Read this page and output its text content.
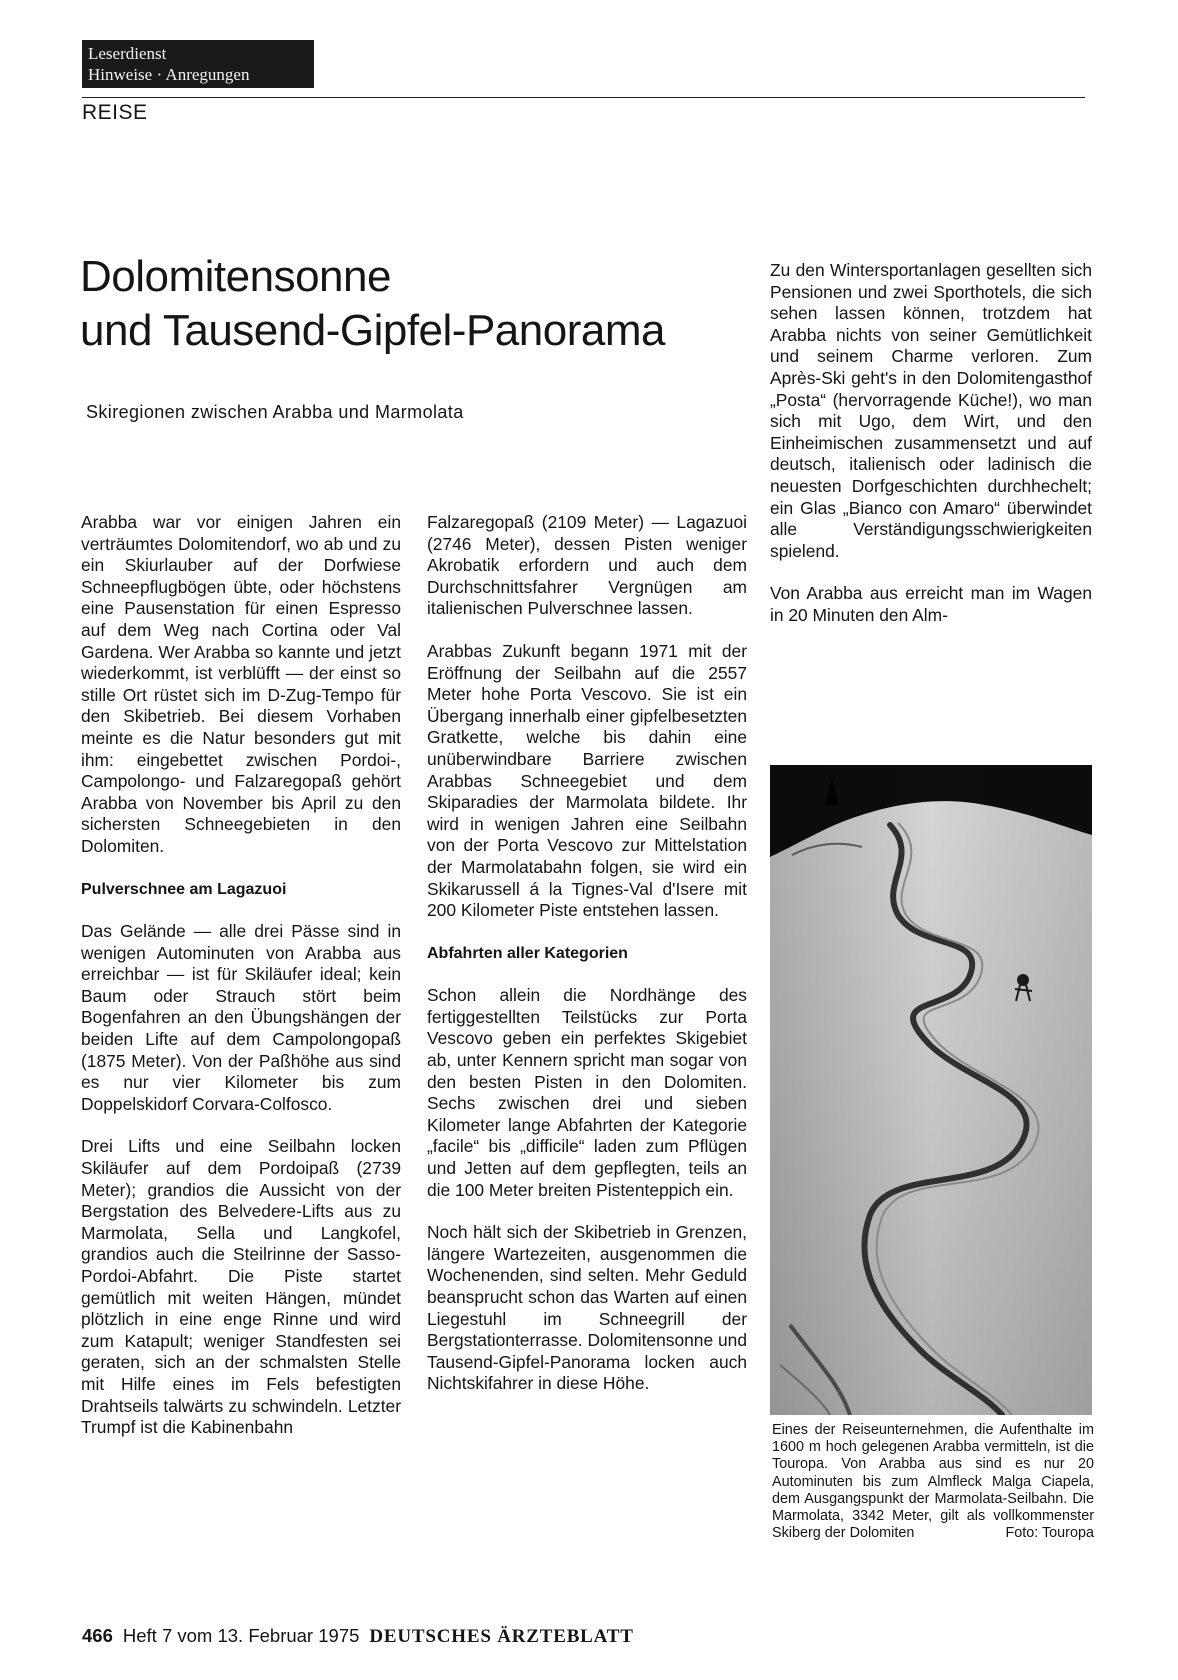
Leserdienst
Hinweise · Anregungen
REISE
Dolomitensonne
und Tausend-Gipfel-Panorama
Skiregionen zwischen Arabba und Marmolata

Arabba war vor einigen Jahren ein verträumtes Dolomitendorf, wo ab und zu ein Skiurlauber auf der Dorfwiese Schneepflugbögen übte, oder höchstens eine Pausenstation für einen Espresso auf dem Weg nach Cortina oder Val Gardena. Wer Arabba so kannte und jetzt wiederkommt, ist verblüfft — der einst so stille Ort rüstet sich im D-Zug-Tempo für den Skibetrieb. Bei diesem Vorhaben meinte es die Natur besonders gut mit ihm: eingebettet zwischen Pordoi-, Campolongo- und Falzaregopaß gehört Arabba von November bis April zu den sichersten Schneegebieten in den Dolomiten.

Pulverschnee am Lagazuoi

Das Gelände — alle drei Pässe sind in wenigen Autominuten von Arabba aus erreichbar — ist für Skiläufer ideal; kein Baum oder Strauch stört beim Bogenfahren an den Übungshängen der beiden Lifte auf dem Campolongopaß (1875 Meter). Von der Paßhöhe aus sind es nur vier Kilometer bis zum Doppelskidorf Corvara-Colfosco.

Drei Lifts und eine Seilbahn locken Skiläufer auf dem Pordoipaß (2739 Meter); grandios die Aussicht von der Bergstation des Belvedere-Lifts aus zu Marmolata, Sella und Langkofel, grandios auch die Steilrinne der Sasso-Pordoi-Abfahrt. Die Piste startet gemütlich mit weiten Hängen, mündet plötzlich in eine enge Rinne und wird zum Katapult; weniger Standfesten sei geraten, sich an der schmalsten Stelle mit Hilfe eines im Fels befestigten Drahtseils talwärts zu schwindeln. Letzter Trumpf ist die Kabinenbahn

Falzaregopaß (2109 Meter) — Lagazuoi (2746 Meter), dessen Pisten weniger Akrobatik erfordern und auch dem Durchschnittsfahrer Vergnügen am italienischen Pulverschnee lassen.

Arabbas Zukunft begann 1971 mit der Eröffnung der Seilbahn auf die 2557 Meter hohe Porta Vescovo. Sie ist ein Übergang innerhalb einer gipfelbesetzten Gratkette, welche bis dahin eine unüberwindbare Barriere zwischen Arabbas Schneegebiet und dem Skiparadies der Marmolata bildete. Ihr wird in wenigen Jahren eine Seilbahn von der Porta Vescovo zur Mittelstation der Marmolatabahn folgen, sie wird ein Skikarussell á la Tignes-Val d'Isere mit 200 Kilometer Piste entstehen lassen.

Abfahrten aller Kategorien

Schon allein die Nordhänge des fertiggestellten Teilstücks zur Porta Vescovo geben ein perfektes Skigebiet ab, unter Kennern spricht man sogar von den besten Pisten in den Dolomiten. Sechs zwischen drei und sieben Kilometer lange Abfahrten der Kategorie „facile“ bis „difficile“ laden zum Pflügen und Jetten auf dem gepflegten, teils an die 100 Meter breiten Pistenteppich ein.

Noch hält sich der Skibetrieb in Grenzen, längere Wartezeiten, ausgenommen die Wochenenden, sind selten. Mehr Geduld beansprucht schon das Warten auf einen Liegestuhl im Schneegrill der Bergstationterrasse. Dolomitensonne und Tausend-Gipfel-Panorama locken auch Nichtskifahrer in diese Höhe.

Zu den Wintersportanlagen gesellten sich Pensionen und zwei Sporthotels, die sich sehen lassen können, trotzdem hat Arabba nichts von seiner Gemütlichkeit und seinem Charme verloren. Zum Après-Ski geht's in den Dolomitengasthof „Posta“ (hervorragende Küche!), wo man sich mit Ugo, dem Wirt, und den Einheimischen zusammensetzt und auf deutsch, italienisch oder ladinisch die neuesten Dorfgeschichten durchhechelt; ein Glas „Bianco con Amaro“ überwindet alle Verständigungsschwierigkeiten spielend.

Von Arabba aus erreicht man im Wagen in 20 Minuten den Alm-

Eines der Reiseunternehmen, die Aufenthalte im 1600 m hoch gelegenen Arabba vermitteln, ist die Touropa. Von Arabba aus sind es nur 20 Autominuten bis zum Almfleck Malga Ciapela, dem Ausgangspunkt der Marmolata-Seilbahn. Die Marmolata, 3342 Meter, gilt als vollkommenster Skiberg der Dolomiten	Foto: Touropa
466 Heft 7 vom 13. Februar 1975 DEUTSCHES ÄRZTEBLATT
